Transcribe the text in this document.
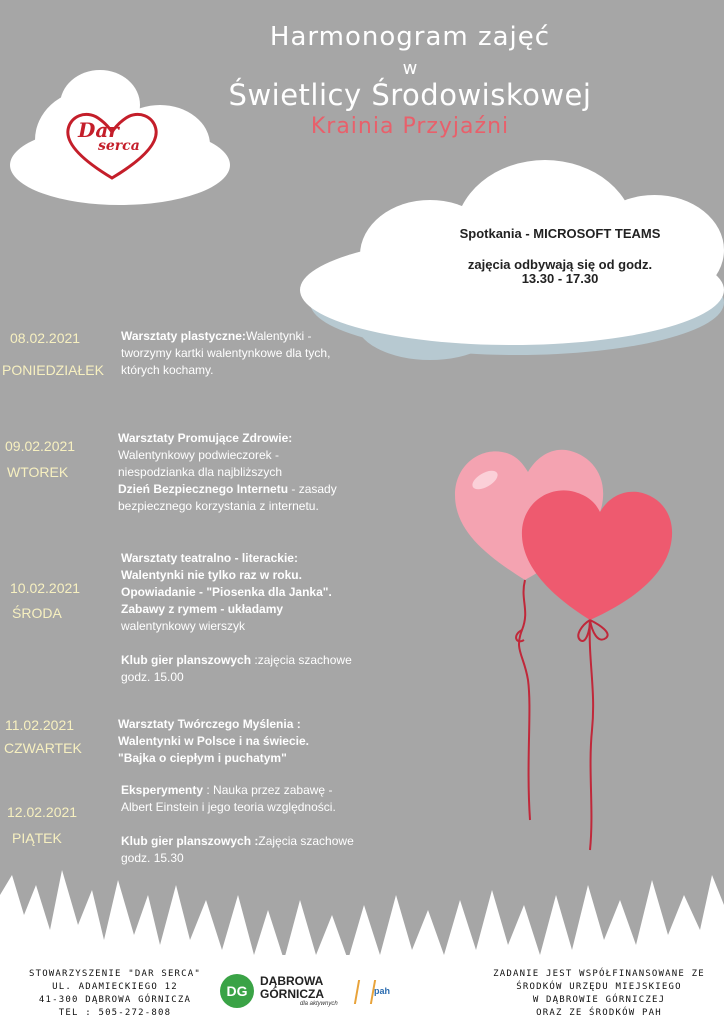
Harmonogram zajęć
w
Świetlicy Środowiskowej
Krainia Przyjaźni
Dar
serca
Spotkania - MICROSOFT TEAMS
zajęcia odbywają się od godz.
13.30 - 17.30
08.02.2021
PONIEDZIAŁEK
Warsztaty plastyczne:Walentynki -
tworzymy kartki walentynkowe dla tych,
których kochamy.
09.02.2021
WTOREK
Warsztaty Promujące Zdrowie:
Walentynkowy podwieczorek -
niespodzianka dla najbliższych
Dzień Bezpiecznego Internetu - zasady
bezpiecznego korzystania z internetu.
10.02.2021
ŚRODA
Warsztaty teatralno - literackie:
Walentynki nie tylko raz w roku.
Opowiadanie - "Piosenka dla Janka".
Zabawy z rymem - układamy
walentynkowy wierszyk
Klub gier planszowych :zajęcia szachowe
godz. 15.00
11.02.2021
CZWARTEK
Warsztaty Twórczego Myślenia :
Walentynki w Polsce i na świecie.
"Bajka o ciepłym i puchatym"
12.02.2021
PIĄTEK
Eksperymenty : Nauka przez zabawę -
Albert Einstein i jego teoria względności.
Klub gier planszowych :Zajęcia szachowe
godz. 15.30
STOWARZYSZENIE "DAR SERCA"
UL. ADAMIECKIEGO 12
41-300 DĄBROWA GÓRNICZA
TEL : 505-272-808
DG
DĄBROWA
GÓRNICZA
dla aktywnych
pah
ZADANIE JEST WSPÓŁFINANSOWANE ZE
ŚRODKÓW URZĘDU MIEJSKIEGO
W DĄBROWIE GÓRNICZEJ
ORAZ ZE ŚRODKÓW PAH
